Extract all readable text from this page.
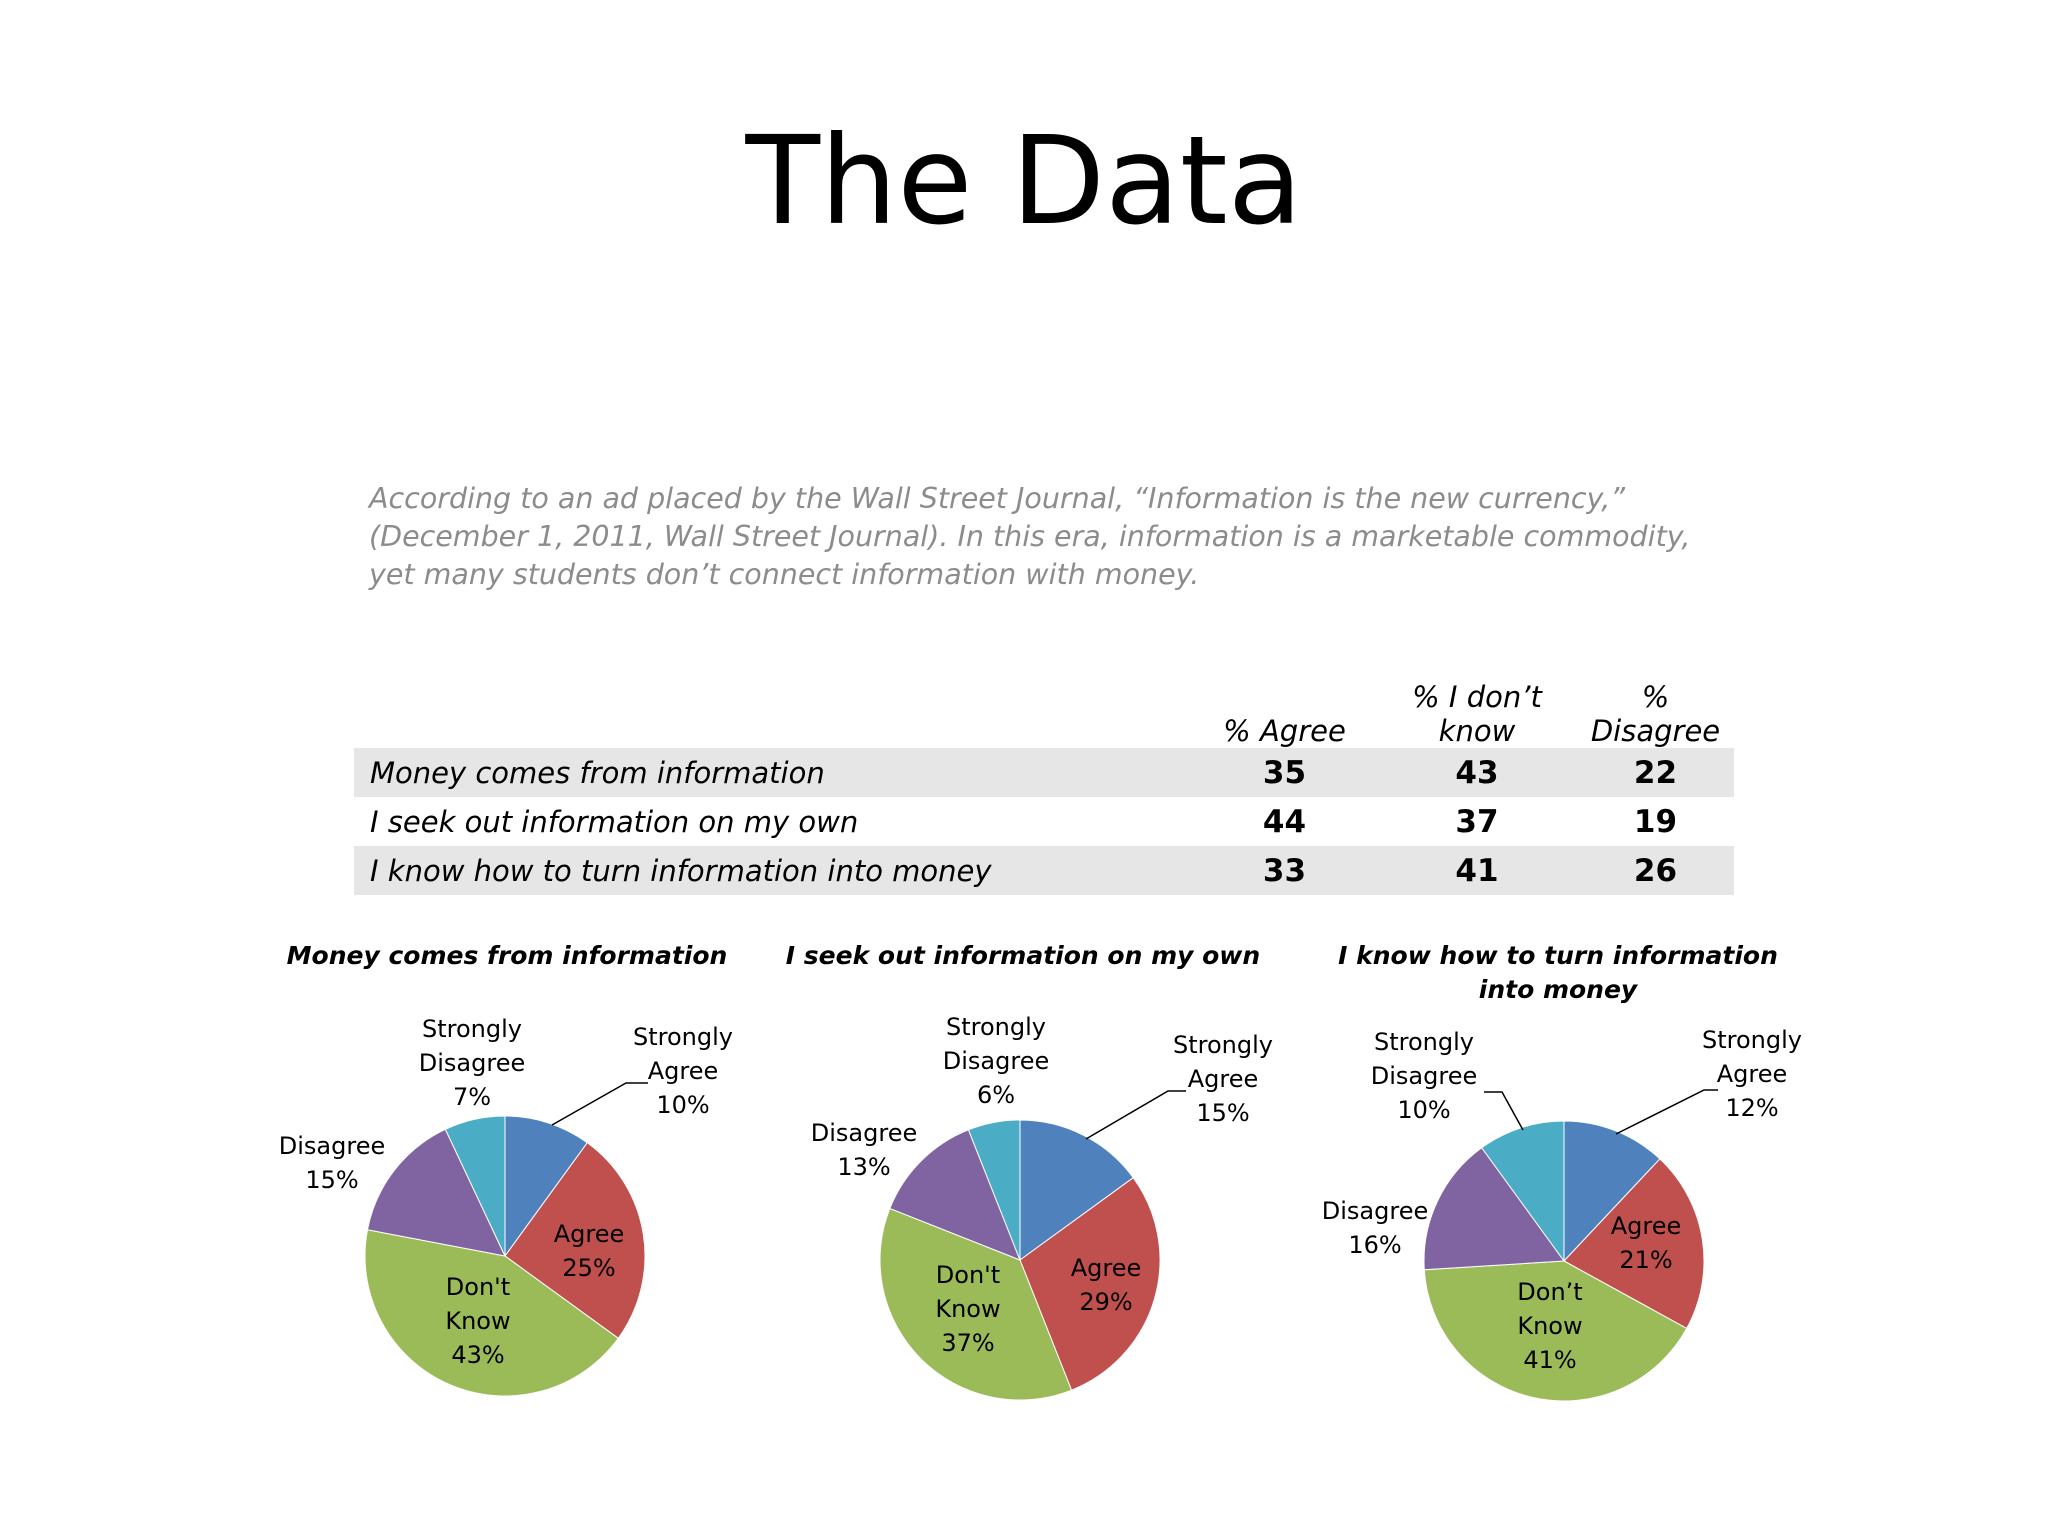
The Data
According to an ad placed by the Wall Street Journal, “Information is the new currency,” (December 1, 2011, Wall Street Journal). In this era, information is a marketable commodity, yet many students don’t connect information with money.
	% Agree	% I don’t know	% Disagree
Money comes from information	35	43	22
I seek out information on my own	44	37	19
I know how to turn information into money	33	41	26
Money comes from information	I seek out information on my own	I know how to turn information into money
Strongly Agree 10%
Agree 25%
Don't Know 43%
Disagree 15%
Strongly Disagree 7%
Strongly Agree 15%
Agree 29%
Don't Know 37%
Disagree 13%
Strongly Disagree 6%
Strongly Agree 12%
Agree 21%
Don’t Know 41%
Disagree 16%
Strongly Disagree 10%
